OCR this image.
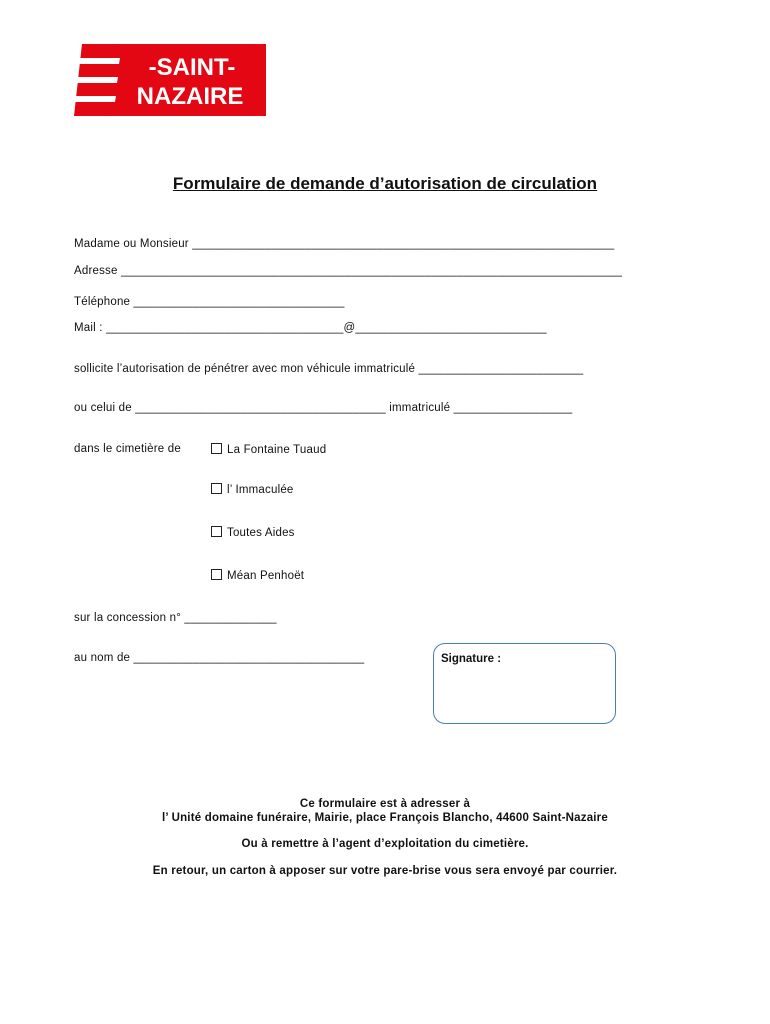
-SAINT-
NAZAIRE
Formulaire de demande d’autorisation de circulation
Madame ou Monsieur ________________________________________________________________
Adresse ____________________________________________________________________________
Téléphone ________________________________
Mail : ____________________________________@_____________________________
sollicite l’autorisation de pénétrer avec mon véhicule immatriculé _________________________
ou celui de ______________________________________ immatriculé __________________
dans le cimetière de	La Fontaine Tuaud
l’ Immaculée
Toutes Aides
Méan Penhoët
sur la concession n° ______________
au nom de ___________________________________	Signature :
Ce formulaire est à adresser à
l’ Unité domaine funéraire, Mairie, place François Blancho, 44600 Saint-Nazaire
Ou à remettre à l’agent d’exploitation du cimetière.
En retour, un carton à apposer sur votre pare-brise vous sera envoyé par courrier.
